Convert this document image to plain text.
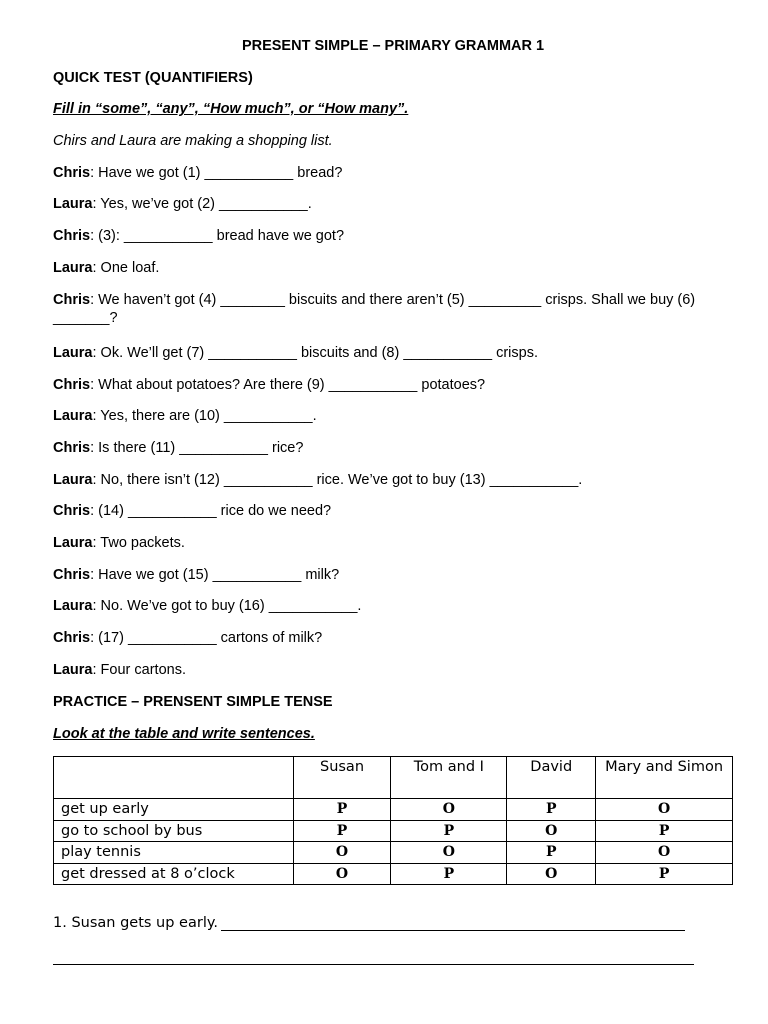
PRESENT SIMPLE – PRIMARY GRAMMAR 1
QUICK TEST (QUANTIFIERS)
Fill in “some”, “any”, “How much”, or “How many”.
Chirs and Laura are making a shopping list.
Chris: Have we got (1) ___________ bread?
Laura: Yes, we’ve got (2) ___________.
Chris: (3): ___________ bread have we got?
Laura: One loaf.
Chris: We haven’t got (4) ________ biscuits and there aren’t (5) _________ crisps. Shall we buy (6) _______?
Laura: Ok. We’ll get (7) ___________ biscuits and (8) ___________ crisps.
Chris: What about potatoes? Are there (9) ___________ potatoes?
Laura: Yes, there are (10) ___________.
Chris: Is there (11) ___________ rice?
Laura: No, there isn’t (12) ___________ rice. We’ve got to buy (13) ___________.
Chris: (14) ___________ rice do we need?
Laura: Two packets.
Chris: Have we got (15) ___________ milk?
Laura: No. We’ve got to buy (16) ___________.
Chris: (17) ___________ cartons of milk?
Laura: Four cartons.
PRACTICE – PRENSENT SIMPLE TENSE
Look at the table and write sentences.
	Susan	Tom and I	David	Mary and Simon
get up early	P	O	P	O
go to school by bus	P	P	O	P
play tennis	O	O	P	O
get dressed at 8 o’clock	O	P	O	P
1. Susan gets up early.
